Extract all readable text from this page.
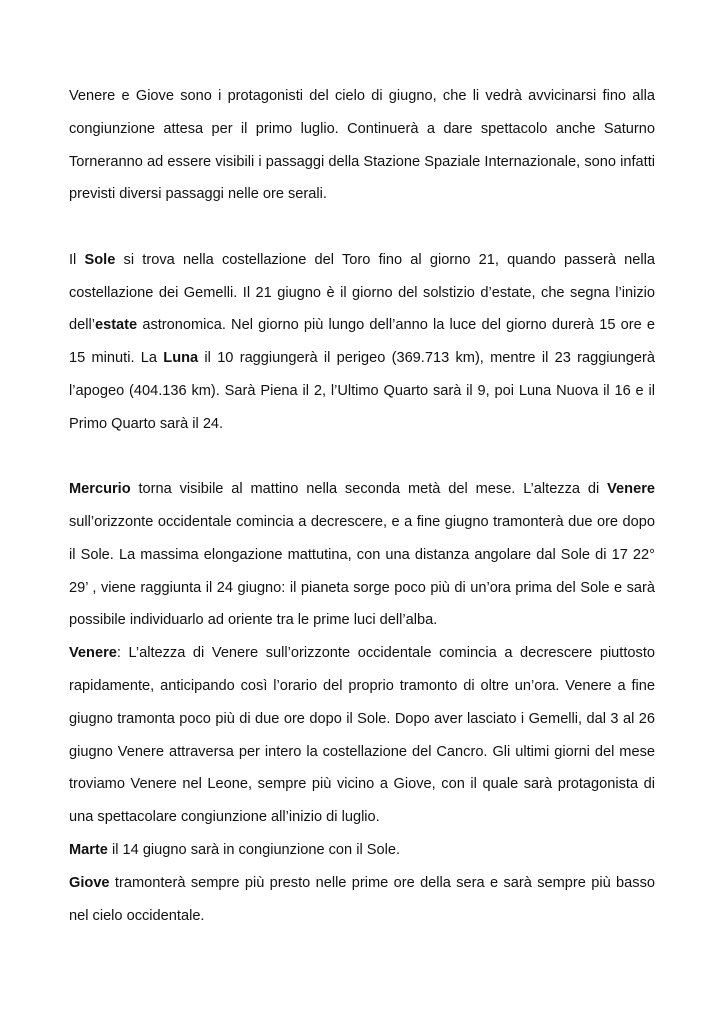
Venere e Giove sono i protagonisti del cielo di giugno, che li vedrà avvicinarsi fino alla congiunzione attesa per il primo luglio. Continuerà a dare spettacolo anche Saturno Torneranno ad essere visibili i passaggi della Stazione Spaziale Internazionale, sono infatti previsti diversi passaggi nelle ore serali.

Il Sole si trova nella costellazione del Toro fino al giorno 21, quando passerà nella costellazione dei Gemelli. Il 21 giugno è il giorno del solstizio d’estate, che segna l’inizio dell’estate astronomica. Nel giorno più lungo dell’anno la luce del giorno durerà 15 ore e 15 minuti. La Luna il 10 raggiungerà il perigeo (369.713 km), mentre il 23 raggiungerà l’apogeo (404.136 km). Sarà Piena il 2, l’Ultimo Quarto sarà il 9, poi Luna Nuova il 16 e il Primo Quarto sarà il 24.

Mercurio torna visibile al mattino nella seconda metà del mese. L’altezza di Venere sull’orizzonte occidentale comincia a decrescere, e a fine giugno tramonterà due ore dopo il Sole. La massima elongazione mattutina, con una distanza angolare dal Sole di 17 22° 29’ , viene raggiunta il 24 giugno: il pianeta sorge poco più di un’ora prima del Sole e sarà possibile individuarlo ad oriente tra le prime luci dell’alba.

Venere: L’altezza di Venere sull’orizzonte occidentale comincia a decrescere piuttosto rapidamente, anticipando così l’orario del proprio tramonto di oltre un’ora. Venere a fine giugno tramonta poco più di due ore dopo il Sole. Dopo aver lasciato i Gemelli, dal 3 al 26 giugno Venere attraversa per intero la costellazione del Cancro. Gli ultimi giorni del mese troviamo Venere nel Leone, sempre più vicino a Giove, con il quale sarà protagonista di una spettacolare congiunzione all’inizio di luglio.

Marte il 14 giugno sarà in congiunzione con il Sole.

Giove tramonterà sempre più presto nelle prime ore della sera e sarà sempre più basso nel cielo occidentale.
